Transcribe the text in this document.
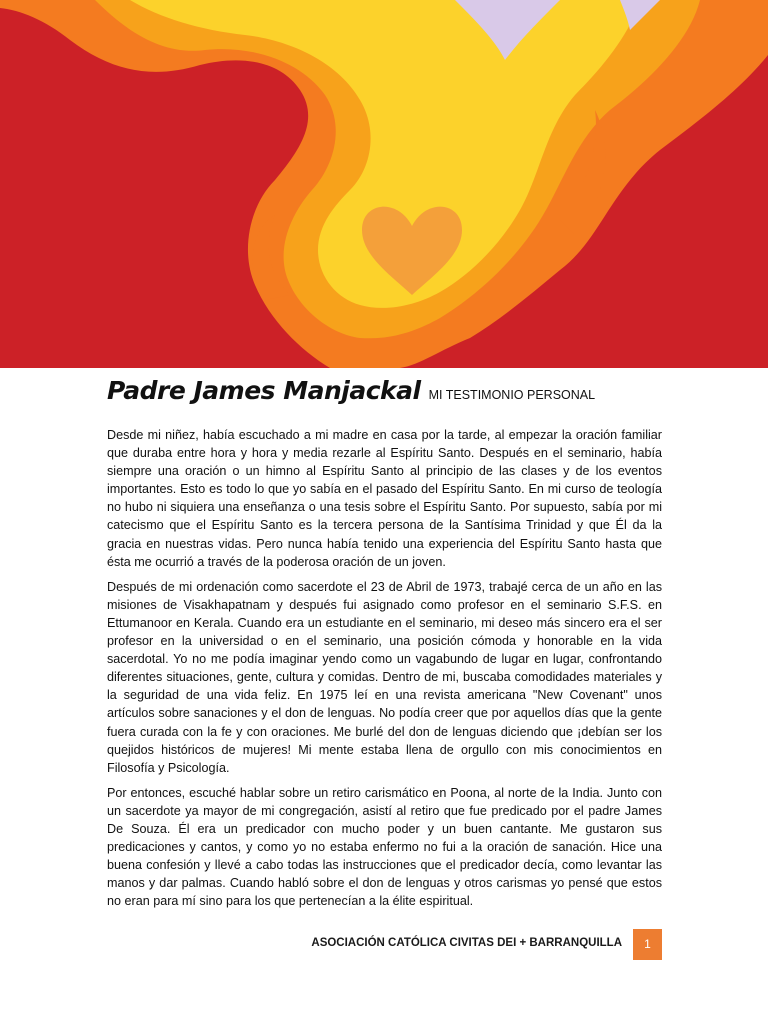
Padre James Manjackal MI TESTIMONIO PERSONAL

Desde mi niñez, había escuchado a mi madre en casa por la tarde, al empezar la oración familiar que duraba entre hora y hora y media rezarle al Espíritu Santo. Después en el seminario, había siempre una oración o un himno al Espíritu Santo al principio de las clases y de los eventos importantes. Esto es todo lo que yo sabía en el pasado del Espíritu Santo. En mi curso de teología no hubo ni siquiera una enseñanza o una tesis sobre el Espíritu Santo. Por supuesto, sabía por mi catecismo que el Espíritu Santo es la tercera persona de la Santísima Trinidad y que Él da la gracia en nuestras vidas. Pero nunca había tenido una experiencia del Espíritu Santo hasta que ésta me ocurrió a través de la poderosa oración de un joven.

Después de mi ordenación como sacerdote el 23 de Abril de 1973, trabajé cerca de un año en las misiones de Visakhapatnam y después fui asignado como profesor en el seminario S.F.S. en Ettumanoor en Kerala. Cuando era un estudiante en el seminario, mi deseo más sincero era el ser profesor en la universidad o en el seminario, una posición cómoda y honorable en la vida sacerdotal. Yo no me podía imaginar yendo como un vagabundo de lugar en lugar, confrontando diferentes situaciones, gente, cultura y comidas. Dentro de mi, buscaba comodidades materiales y la seguridad de una vida feliz. En 1975 leí en una revista americana "New Covenant" unos artículos sobre sanaciones y el don de lenguas. No podía creer que por aquellos días que la gente fuera curada con la fe y con oraciones. Me burlé del don de lenguas diciendo que ¡debían ser los quejidos históricos de mujeres! Mi mente estaba llena de orgullo con mis conocimientos en Filosofía y Psicología.

Por entonces, escuché hablar sobre un retiro carismático en Poona, al norte de la India. Junto con un sacerdote ya mayor de mi congregación, asistí al retiro que fue predicado por el padre James De Souza. Él era un predicador con mucho poder y un buen cantante. Me gustaron sus predicaciones y cantos, y como yo no estaba enfermo no fui a la oración de sanación. Hice una buena confesión y llevé a cabo todas las instrucciones que el predicador decía, como levantar las manos y dar palmas. Cuando habló sobre el don de lenguas y otros carismas yo pensé que estos no eran para mí sino para los que pertenecían a la élite espiritual.

ASOCIACIÓN CATÓLICA CIVITAS DEI + BARRANQUILLA	1
